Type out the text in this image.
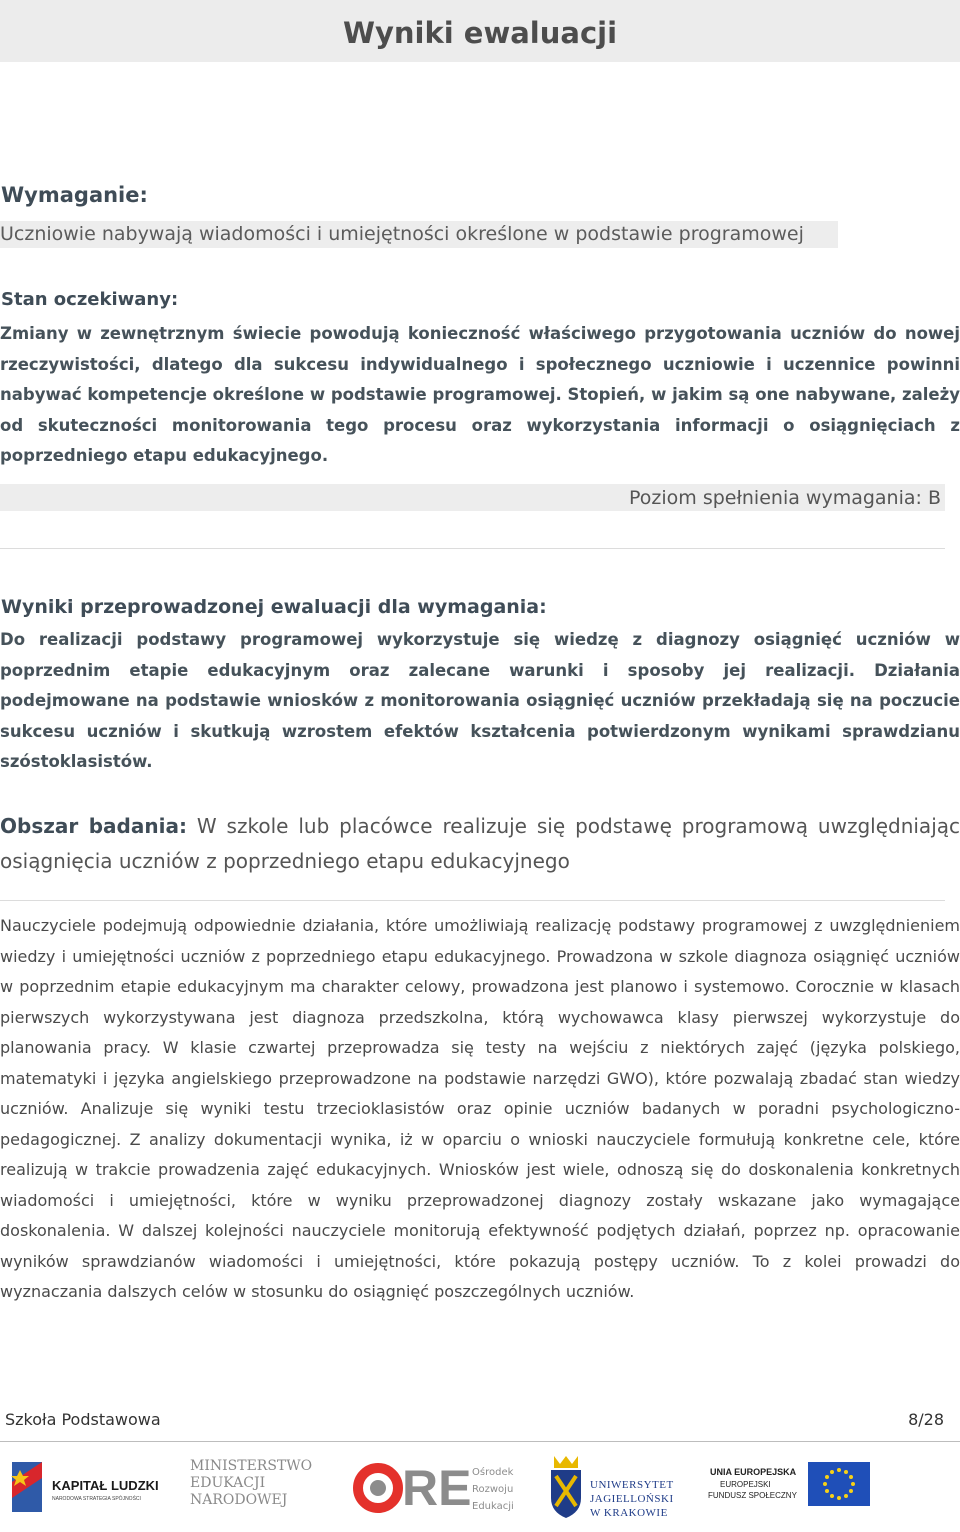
Wyniki ewaluacji
Wymaganie:
Uczniowie nabywają wiadomości i umiejętności określone w podstawie programowej
Stan oczekiwany:

Zmiany w zewnętrznym świecie powodują konieczność właściwego przygotowania uczniów do nowej rzeczywistości, dlatego dla sukcesu indywidualnego i społecznego uczniowie i uczennice powinni nabywać kompetencje określone w podstawie programowej. Stopień, w jakim są one nabywane, zależy od skuteczności monitorowania tego procesu oraz wykorzystania informacji o osiągnięciach z poprzedniego etapu edukacyjnego.

Poziom spełnienia wymagania: B
Wyniki przeprowadzonej ewaluacji dla wymagania:

Do realizacji podstawy programowej wykorzystuje się wiedzę z diagnozy osiągnięć uczniów w poprzednim etapie edukacyjnym oraz zalecane warunki i sposoby jej realizacji. Działania podejmowane na podstawie wniosków z monitorowania osiągnięć uczniów przekładają się na poczucie sukcesu uczniów i skutkują wzrostem efektów kształcenia potwierdzonym wynikami sprawdzianu szóstoklasistów.

Obszar badania: W szkole lub placówce realizuje się podstawę programową uwzględniając osiągnięcia uczniów z poprzedniego etapu edukacyjnego

Nauczyciele podejmują odpowiednie działania, które umożliwiają realizację podstawy programowej z uwzględnieniem wiedzy i umiejętności uczniów z poprzedniego etapu edukacyjnego. Prowadzona w szkole diagnoza osiągnięć uczniów w poprzednim etapie edukacyjnym ma charakter celowy, prowadzona jest planowo i systemowo. Corocznie w klasach pierwszych wykorzystywana jest diagnoza przedszkolna, którą wychowawca klasy pierwszej wykorzystuje do planowania pracy. W klasie czwartej przeprowadza się testy na wejściu z niektórych zajęć (języka polskiego, matematyki i języka angielskiego przeprowadzone na podstawie narzędzi GWO), które pozwalają zbadać stan wiedzy uczniów. Analizuje się wyniki testu trzecioklasistów oraz opinie uczniów badanych w poradni psychologiczno-pedagogicznej. Z analizy dokumentacji wynika, iż w oparciu o wnioski nauczyciele formułują konkretne cele, które realizują w trakcie prowadzenia zajęć edukacyjnych. Wniosków jest wiele, odnoszą się do doskonalenia konkretnych wiadomości i umiejętności, które w wyniku przeprowadzonej diagnozy zostały wskazane jako wymagające doskonalenia. W dalszej kolejności nauczyciele monitorują efektywność podjętych działań, poprzez np. opracowanie wyników sprawdzianów wiadomości i umiejętności, które pokazują postępy uczniów. To z kolei prowadzi do wyznaczania dalszych celów w stosunku do osiągnięć poszczególnych uczniów.

Szkoła Podstawowa	8/28
KAPITAŁ LUDZKI
NARODOWA STRATEGIA SPÓJNOŚCI
MINISTERSTWO
EDUKACJI
NARODOWEJ	RE Ośrodek
Rozwoju
Edukacji
UNIWERSYTET
JAGIELLOŃSKI
W KRAKOWIE
UNIA EUROPEJSKA
EUROPEJSKI
FUNDUSZ SPOŁECZNY
